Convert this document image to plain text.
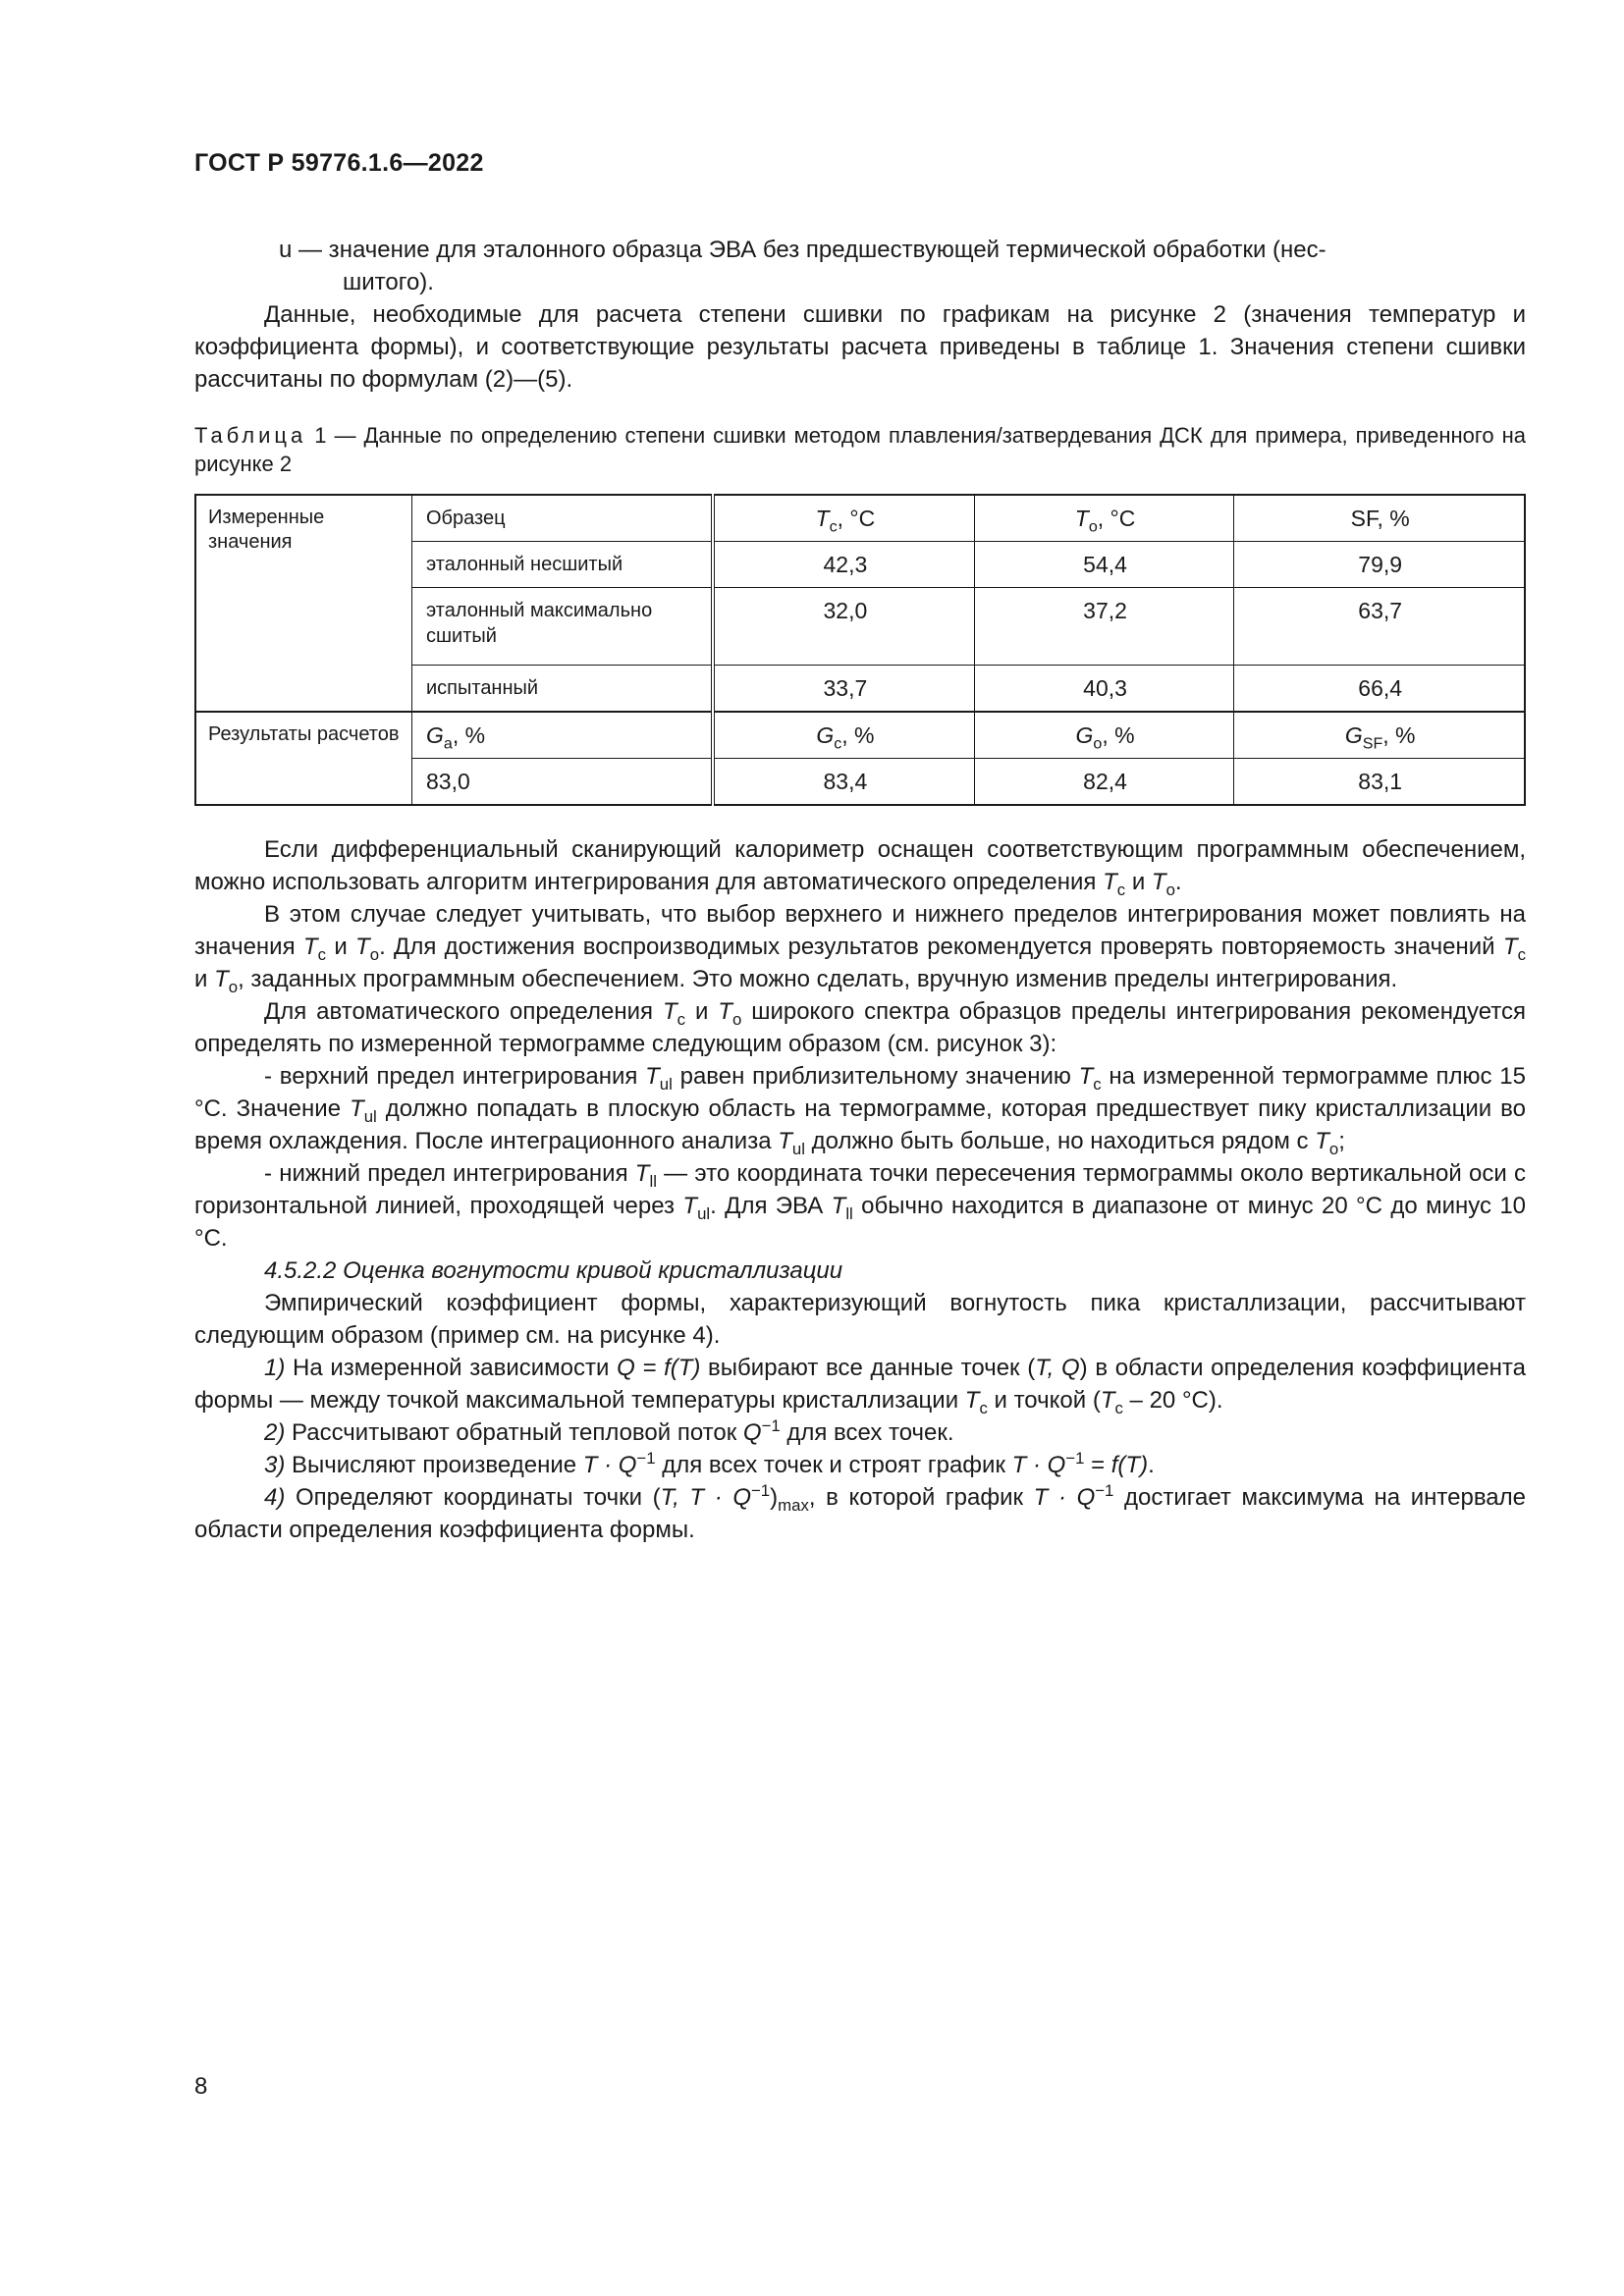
ГОСТ Р 59776.1.6—2022

u — значение для эталонного образца ЭВА без предшествующей термической обработки (нес-

шитого).

Данные, необходимые для расчета степени сшивки по графикам на рисунке 2 (значения температур и коэффициента формы), и соответствующие результаты расчета приведены в таблице 1. Значения степени сшивки рассчитаны по формулам (2)—(5).

Таблица 1 — Данные по определению степени сшивки методом плавления/затвердевания ДСК для примера, приведенного на рисунке 2

Измеренные значения	Образец	$T_c$, °C	$T_o$, °C	SF, %
	эталонный несшитый	42,3	54,4	79,9
	эталонный максимально сшитый	32,0	37,2	63,7
	испытанный	33,7	40,3	66,4
Результаты расчетов	$G_a$, %	$G_c$, %	$G_o$, %	$G_{SF}$, %
	83,0	83,4	82,4	83,1

Если дифференциальный сканирующий калориметр оснащен соответствующим программным обеспечением, можно использовать алгоритм интегрирования для автоматического определения $T_c$ и $T_o$.

В этом случае следует учитывать, что выбор верхнего и нижнего пределов интегрирования может повлиять на значения $T_c$ и $T_o$. Для достижения воспроизводимых результатов рекомендуется проверять повторяемость значений $T_c$ и $T_o$, заданных программным обеспечением. Это можно сделать, вручную изменив пределы интегрирования.

Для автоматического определения $T_c$ и $T_o$ широкого спектра образцов пределы интегрирования рекомендуется определять по измеренной термограмме следующим образом (см. рисунок 3):

- верхний предел интегрирования $T_{ul}$ равен приблизительному значению $T_c$ на измеренной термограмме плюс 15 °С. Значение $T_{ul}$ должно попадать в плоскую область на термограмме, которая предшествует пику кристаллизации во время охлаждения. После интеграционного анализа $T_{ul}$ должно быть больше, но находиться рядом с $T_o$;

- нижний предел интегрирования $T_{ll}$ — это координата точки пересечения термограммы около вертикальной оси с горизонтальной линией, проходящей через $T_{ul}$. Для ЭВА $T_{ll}$ обычно находится в диапазоне от минус 20 °С до минус 10 °С.

4.5.2.2 Оценка вогнутости кривой кристаллизации

Эмпирический коэффициент формы, характеризующий вогнутость пика кристаллизации, рассчитывают следующим образом (пример см. на рисунке 4).

1) На измеренной зависимости Q = f(T) выбирают все данные точек (T, Q) в области определения коэффициента формы — между точкой максимальной температуры кристаллизации $T_c$ и точкой ($T_c - 20$ °С).

2) Рассчитывают обратный тепловой поток $Q^{-1}$ для всех точек.

3) Вычисляют произведение $T \cdot Q^{-1}$ для всех точек и строят график $T \cdot Q^{-1} = f(T)$.

4) Определяют координаты точки (T, $T \cdot Q^{-1})_{max}$, в которой график $T \cdot Q^{-1}$ достигает максимума на интервале области определения коэффициента формы.

8
